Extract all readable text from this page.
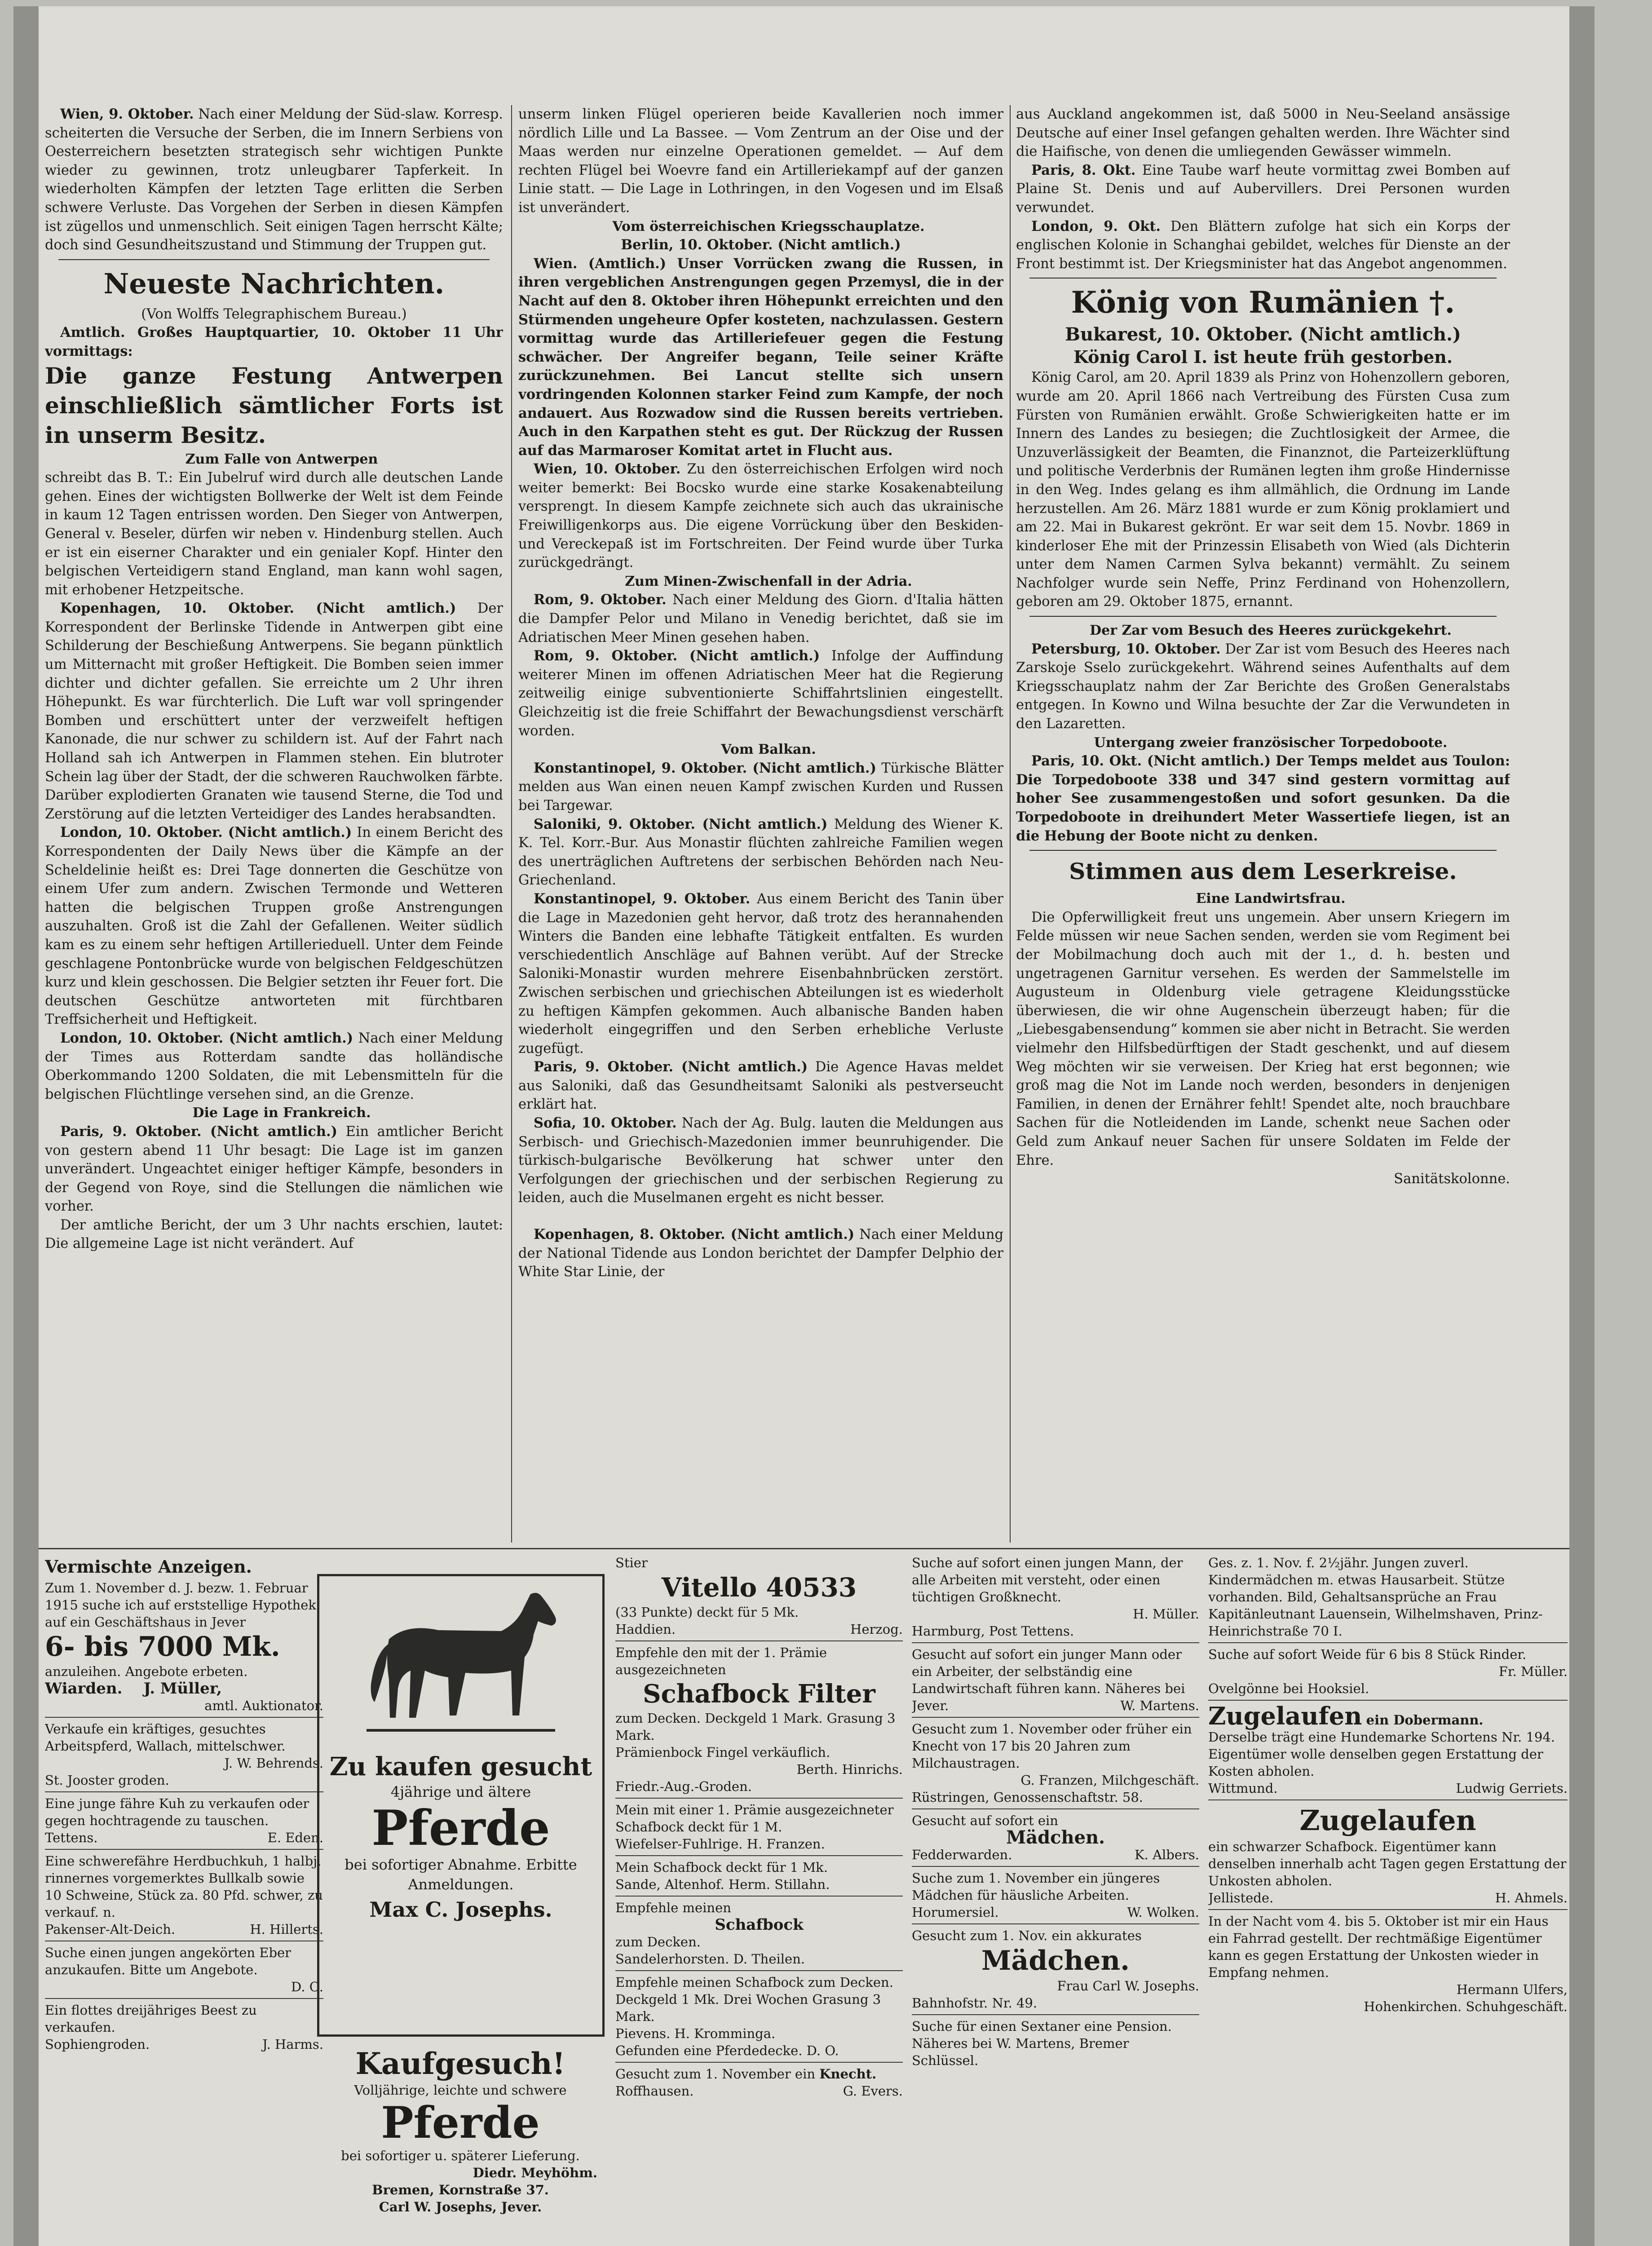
Wien, 9. Oktober. Nach einer Meldung der Süd-slaw. Korresp. scheiterten die Versuche der Serben, die im Innern Serbiens von Oesterreichern besetzten strategisch sehr wichtigen Punkte wieder zu gewinnen, trotz unleugbarer Tapferkeit. In wiederholten Kämpfen der letzten Tage erlitten die Serben schwere Verluste. Das Vorgehen der Serben in diesen Kämpfen ist zügellos und unmenschlich. Seit einigen Tagen herrscht Kälte; doch sind Gesundheitszustand und Stimmung der Truppen gut.

Neueste Nachrichten.

(Von Wolffs Telegraphischem Bureau.)

Amtlich. Großes Hauptquartier, 10. Oktober 11 Uhr vormittags:

Die ganze Festung Antwerpen einschließlich sämtlicher Forts ist in unserm Besitz.

Zum Falle von Antwerpen

schreibt das B. T.: Ein Jubelruf wird durch alle deutschen Lande gehen. Eines der wichtigsten Bollwerke der Welt ist dem Feinde in kaum 12 Tagen entrissen worden. Den Sieger von Antwerpen, General v. Beseler, dürfen wir neben v. Hindenburg stellen. Auch er ist ein eiserner Charakter und ein genialer Kopf. Hinter den belgischen Verteidigern stand England, man kann wohl sagen, mit erhobener Hetzpeitsche.

Kopenhagen, 10. Oktober. (Nicht amtlich.) Der Korrespondent der Berlinske Tidende in Antwerpen gibt eine Schilderung der Beschießung Antwerpens. Sie begann pünktlich um Mitternacht mit großer Heftigkeit. Die Bomben seien immer dichter und dichter gefallen. Sie erreichte um 2 Uhr ihren Höhepunkt. Es war fürchterlich. Die Luft war voll springender Bomben und erschüttert unter der verzweifelt heftigen Kanonade, die nur schwer zu schildern ist. Auf der Fahrt nach Holland sah ich Antwerpen in Flammen stehen. Ein blutroter Schein lag über der Stadt, der die schweren Rauchwolken färbte. Darüber explodierten Granaten wie tausend Sterne, die Tod und Zerstörung auf die letzten Verteidiger des Landes herabsandten.

London, 10. Oktober. (Nicht amtlich.) In einem Bericht des Korrespondenten der Daily News über die Kämpfe an der Scheldelinie heißt es: Drei Tage donnerten die Geschütze von einem Ufer zum andern. Zwischen Termonde und Wetteren hatten die belgischen Truppen große Anstrengungen auszuhalten. Groß ist die Zahl der Gefallenen. Weiter südlich kam es zu einem sehr heftigen Artillerieduell. Unter dem Feinde geschlagene Pontonbrücke wurde von belgischen Feldgeschützen kurz und klein geschossen. Die Belgier setzten ihr Feuer fort. Die deutschen Geschütze antworteten mit fürchtbaren Treffsicherheit und Heftigkeit.

London, 10. Oktober. (Nicht amtlich.) Nach einer Meldung der Times aus Rotterdam sandte das holländische Oberkommando 1200 Soldaten, die mit Lebensmitteln für die belgischen Flüchtlinge versehen sind, an die Grenze.

Die Lage in Frankreich.

Paris, 9. Oktober. (Nicht amtlich.) Ein amtlicher Bericht von gestern abend 11 Uhr besagt: Die Lage ist im ganzen unverändert. Ungeachtet einiger heftiger Kämpfe, besonders in der Gegend von Roye, sind die Stellungen die nämlichen wie vorher.

Der amtliche Bericht, der um 3 Uhr nachts erschien, lautet: Die allgemeine Lage ist nicht verändert. Auf

unserm linken Flügel operieren beide Kavallerien noch immer nördlich Lille und La Bassee. — Vom Zentrum an der Oise und der Maas werden nur einzelne Operationen gemeldet. — Auf dem rechten Flügel bei Woevre fand ein Artilleriekampf auf der ganzen Linie statt. — Die Lage in Lothringen, in den Vogesen und im Elsaß ist unverändert.

Vom österreichischen Kriegsschauplatze.

Berlin, 10. Oktober. (Nicht amtlich.)

Wien. (Amtlich.) Unser Vorrücken zwang die Russen, in ihren vergeblichen Anstrengungen gegen Przemysl, die in der Nacht auf den 8. Oktober ihren Höhepunkt erreichten und den Stürmenden ungeheure Opfer kosteten, nachzulassen. Gestern vormittag wurde das Artilleriefeuer gegen die Festung schwächer. Der Angreifer begann, Teile seiner Kräfte zurückzunehmen. Bei Lancut stellte sich unsern vordringenden Kolonnen starker Feind zum Kampfe, der noch andauert. Aus Rozwadow sind die Russen bereits vertrieben. Auch in den Karpathen steht es gut. Der Rückzug der Russen auf das Marmaroser Komitat artet in Flucht aus.

Wien, 10. Oktober. Zu den österreichischen Erfolgen wird noch weiter bemerkt: Bei Bocsko wurde eine starke Kosakenabteilung versprengt. In diesem Kampfe zeichnete sich auch das ukrainische Freiwilligenkorps aus. Die eigene Vorrückung über den Beskiden- und Vereckepaß ist im Fortschreiten. Der Feind wurde über Turka zurückgedrängt.

Zum Minen-Zwischenfall in der Adria.

Rom, 9. Oktober. Nach einer Meldung des Giorn. d'Italia hätten die Dampfer Pelor und Milano in Venedig berichtet, daß sie im Adriatischen Meer Minen gesehen haben.

Rom, 9. Oktober. (Nicht amtlich.) Infolge der Auffindung weiterer Minen im offenen Adriatischen Meer hat die Regierung zeitweilig einige subventionierte Schiffahrtslinien eingestellt. Gleichzeitig ist die freie Schiffahrt der Bewachungsdienst verschärft worden.

Vom Balkan.

Konstantinopel, 9. Oktober. (Nicht amtlich.) Türkische Blätter melden aus Wan einen neuen Kampf zwischen Kurden und Russen bei Targewar.

Saloniki, 9. Oktober. (Nicht amtlich.) Meldung des Wiener K. K. Tel. Korr.-Bur. Aus Monastir flüchten zahlreiche Familien wegen des unerträglichen Auftretens der serbischen Behörden nach Neu-Griechenland.

Konstantinopel, 9. Oktober. Aus einem Bericht des Tanin über die Lage in Mazedonien geht hervor, daß trotz des herannahenden Winters die Banden eine lebhafte Tätigkeit entfalten. Es wurden verschiedentlich Anschläge auf Bahnen verübt. Auf der Strecke Saloniki-Monastir wurden mehrere Eisenbahnbrücken zerstört. Zwischen serbischen und griechischen Abteilungen ist es wiederholt zu heftigen Kämpfen gekommen. Auch albanische Banden haben wiederholt eingegriffen und den Serben erhebliche Verluste zugefügt.

Paris, 9. Oktober. (Nicht amtlich.) Die Agence Havas meldet aus Saloniki, daß das Gesundheitsamt Saloniki als pestverseucht erklärt hat.

Sofia, 10. Oktober. Nach der Ag. Bulg. lauten die Meldungen aus Serbisch- und Griechisch-Mazedonien immer beunruhigender. Die türkisch-bulgarische Bevölkerung hat schwer unter den Verfolgungen der griechischen und der serbischen Regierung zu leiden, auch die Muselmanen ergeht es nicht besser.

Kopenhagen, 8. Oktober. (Nicht amtlich.) Nach einer Meldung der National Tidende aus London berichtet der Dampfer Delphio der White Star Linie, der

aus Auckland angekommen ist, daß 5000 in Neu-Seeland ansässige Deutsche auf einer Insel gefangen gehalten werden. Ihre Wächter sind die Haifische, von denen die umliegenden Gewässer wimmeln.

Paris, 8. Okt. Eine Taube warf heute vormittag zwei Bomben auf Plaine St. Denis und auf Aubervillers. Drei Personen wurden verwundet.

London, 9. Okt. Den Blättern zufolge hat sich ein Korps der englischen Kolonie in Schanghai gebildet, welches für Dienste an der Front bestimmt ist. Der Kriegsminister hat das Angebot angenommen.

König von Rumänien †.

Bukarest, 10. Oktober. (Nicht amtlich.)

König Carol I. ist heute früh gestorben.

König Carol, am 20. April 1839 als Prinz von Hohenzollern geboren, wurde am 20. April 1866 nach Vertreibung des Fürsten Cusa zum Fürsten von Rumänien erwählt. Große Schwierigkeiten hatte er im Innern des Landes zu besiegen; die Zuchtlosigkeit der Armee, die Unzuverlässigkeit der Beamten, die Finanznot, die Parteizerklüftung und politische Verderbnis der Rumänen legten ihm große Hindernisse in den Weg. Indes gelang es ihm allmählich, die Ordnung im Lande herzustellen. Am 26. März 1881 wurde er zum König proklamiert und am 22. Mai in Bukarest gekrönt. Er war seit dem 15. Novbr. 1869 in kinderloser Ehe mit der Prinzessin Elisabeth von Wied (als Dichterin unter dem Namen Carmen Sylva bekannt) vermählt. Zu seinem Nachfolger wurde sein Neffe, Prinz Ferdinand von Hohenzollern, geboren am 29. Oktober 1875, ernannt.

Der Zar vom Besuch des Heeres zurückgekehrt.

Petersburg, 10. Oktober. Der Zar ist vom Besuch des Heeres nach Zarskoje Sselo zurückgekehrt. Während seines Aufenthalts auf dem Kriegsschauplatz nahm der Zar Berichte des Großen Generalstabs entgegen. In Kowno und Wilna besuchte der Zar die Verwundeten in den Lazaretten.

Untergang zweier französischer Torpedoboote.

Paris, 10. Okt. (Nicht amtlich.) Der Temps meldet aus Toulon: Die Torpedoboote 338 und 347 sind gestern vormittag auf hoher See zusammengestoßen und sofort gesunken. Da die Torpedoboote in dreihundert Meter Wassertiefe liegen, ist an die Hebung der Boote nicht zu denken.

Stimmen aus dem Leserkreise.

Eine Landwirtsfrau.

Die Opferwilligkeit freut uns ungemein. Aber unsern Kriegern im Felde müssen wir neue Sachen senden, werden sie vom Regiment bei der Mobilmachung doch auch mit der 1., d. h. besten und ungetragenen Garnitur versehen. Es werden der Sammelstelle im Augusteum in Oldenburg viele getragene Kleidungsstücke überwiesen, die wir ohne Augenschein überzeugt haben; für die „Liebesgabensendung“ kommen sie aber nicht in Betracht. Sie werden vielmehr den Hilfsbedürftigen der Stadt geschenkt, und auf diesem Weg möchten wir sie verweisen. Der Krieg hat erst begonnen; wie groß mag die Not im Lande noch werden, besonders in denjenigen Familien, in denen der Ernährer fehlt! Spendet alte, noch brauchbare Sachen für die Notleidenden im Lande, schenkt neue Sachen oder Geld zum Ankauf neuer Sachen für unsere Soldaten im Felde der Ehre.

Sanitätskolonne.

Vermischte Anzeigen.

Zum 1. November d. J. bezw. 1. Februar 1915 suche ich auf erststellige Hypothek auf ein Geschäftshaus in Jever

6- bis 7000 Mk.

anzuleihen. Angebote erbeten.

Wiarden. J. Müller,

amtl. Auktionator.

Verkaufe ein kräftiges, gesuchtes Arbeitspferd, Wallach, mittelschwer.

J. W. Behrends.

St. Jooster groden.

Eine junge fähre Kuh zu verkaufen oder gegen hochtragende zu tauschen.

Tettens.	E. Eden.

Eine schwerefähre Herdbuchkuh, 1 halbj. rinnernes vorgemerktes Bullkalb sowie 10 Schweine, Stück za. 80 Pfd. schwer, zu verkauf. n.

Pakenser-Alt-Deich.	H. Hillerts.

Suche einen jungen angekörten Eber anzukaufen. Bitte um Angebote.

D. O.

Ein flottes dreijähriges Beest zu verkaufen.

Sophiengroden.	J. Harms.

Zu kaufen gesucht
4jährige und ältere
Pferde
bei sofortiger Abnahme. Erbitte Anmeldungen.
Max C. Josephs.

Kaufgesuch!

Volljährige, leichte und schwere

Pferde

bei sofortiger u. späterer Lieferung.

Diedr. Meyhöhm.

Bremen, Kornstraße 37.

Carl W. Josephs, Jever.

Stier

Vitello 40533

(33 Punkte) deckt für 5 Mk.

Haddien.	Herzog.

Empfehle den mit der 1. Prämie ausgezeichneten

Schafbock Filter

zum Decken. Deckgeld 1 Mark. Grasung 3 Mark.

Prämienbock Fingel verkäuflich.

Berth. Hinrichs.

Friedr.-Aug.-Groden.

Mein mit einer 1. Prämie ausgezeichneter Schafbock deckt für 1 M.

Wiefelser-Fuhlrige. H. Franzen.

Mein Schafbock deckt für 1 Mk.

Sande, Altenhof. Herm. Stillahn.

Empfehle meinen

Schafbock

zum Decken.

Sandelerhorsten. D. Theilen.

Empfehle meinen Schafbock zum Decken. Deckgeld 1 Mk. Drei Wochen Grasung 3 Mark.

Pievens. H. Kromminga.

Gefunden eine Pferdedecke. D. O.

Gesucht zum 1. November ein Knecht.

Roffhausen.	G. Evers.

Suche auf sofort einen jungen Mann, der alle Arbeiten mit versteht, oder einen tüchtigen Großknecht.

H. Müller.

Harmburg, Post Tettens.

Gesucht auf sofort ein junger Mann oder ein Arbeiter, der selbständig eine Landwirtschaft führen kann. Näheres bei

Jever.	W. Martens.

Gesucht zum 1. November oder früher ein Knecht von 17 bis 20 Jahren zum Milchaustragen.

G. Franzen, Milchgeschäft.

Rüstringen, Genossenschaftstr. 58.

Gesucht auf sofort ein

Mädchen.

Fedderwarden.	K. Albers.

Suche zum 1. November ein jüngeres Mädchen für häusliche Arbeiten.

Horumersiel.	W. Wolken.

Gesucht zum 1. Nov. ein akkurates

Mädchen.

Frau Carl W. Josephs.

Bahnhofstr. Nr. 49.

Suche für einen Sextaner eine Pension. Näheres bei W. Martens, Bremer Schlüssel.

Ges. z. 1. Nov. f. 2½jähr. Jungen zuverl. Kindermädchen m. etwas Hausarbeit. Stütze vorhanden. Bild, Gehaltsansprüche an Frau Kapitänleutnant Lauensein, Wilhelmshaven, Prinz-Heinrichstraße 70 I.

Suche auf sofort Weide für 6 bis 8 Stück Rinder.

Fr. Müller.

Ovelgönne bei Hooksiel.

Zugelaufen ein Dobermann.

Derselbe trägt eine Hundemarke Schortens Nr. 194. Eigentümer wolle denselben gegen Erstattung der Kosten abholen.

Wittmund.	Ludwig Gerriets.

Zugelaufen

ein schwarzer Schafbock. Eigentümer kann denselben innerhalb acht Tagen gegen Erstattung der Unkosten abholen.

Jellistede.	H. Ahmels.

In der Nacht vom 4. bis 5. Oktober ist mir ein Haus ein Fahrrad gestellt. Der rechtmäßige Eigentümer kann es gegen Erstattung der Unkosten wieder in Empfang nehmen.

Hermann Ulfers,

Hohenkirchen. Schuhgeschäft.
